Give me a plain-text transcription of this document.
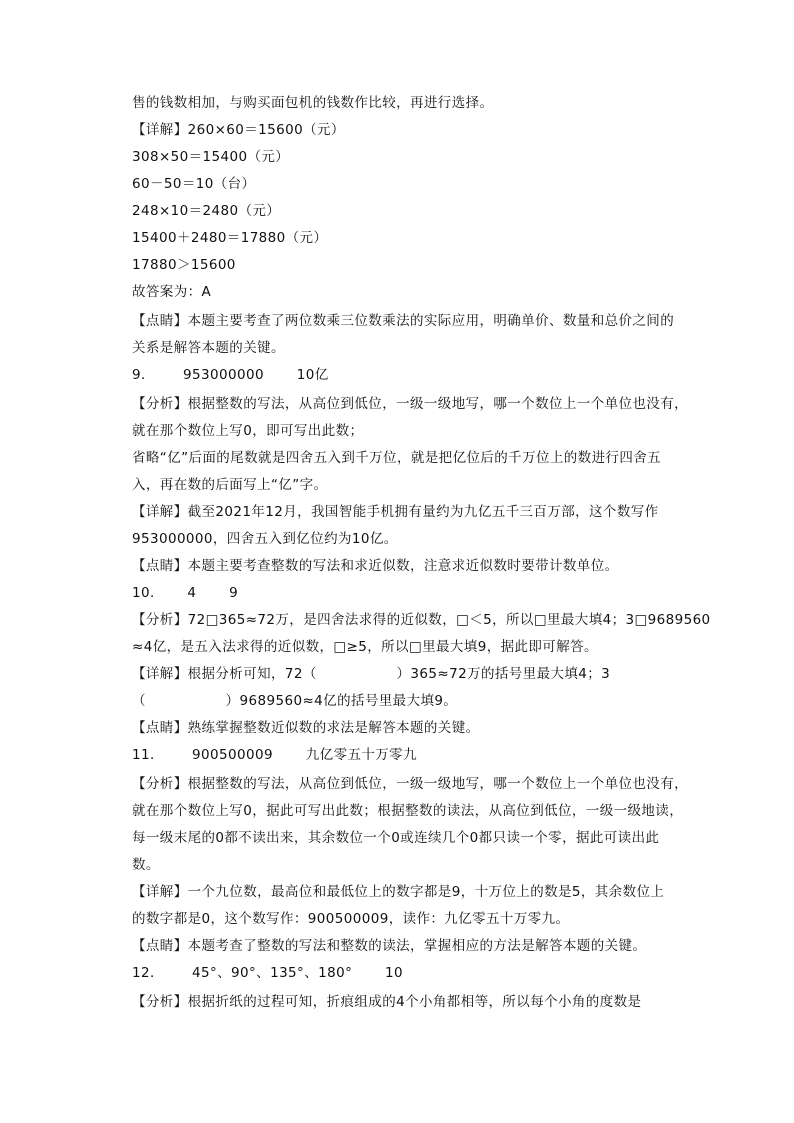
售的钱数相加，与购买面包机的钱数作比较，再进行选择。
【详解】260×60＝15600（元）
308×50＝15400（元）
60－50＝10（台）
248×10＝2480（元）
15400＋2480＝17880（元）
17880＞15600
故答案为：A
【点睛】本题主要考查了两位数乘三位数乘法的实际应用，明确单价、数量和总价之间的
关系是解答本题的关键。
9．      953000000       10亿
【分析】根据整数的写法，从高位到低位，一级一级地写，哪一个数位上一个单位也没有，
就在那个数位上写0，即可写出此数；
省略“亿”后面的尾数就是四舍五入到千万位，就是把亿位后的千万位上的数进行四舍五
入，再在数的后面写上“亿”字。
【详解】截至2021年12月，我国智能手机拥有量约为九亿五千三百万部，这个数写作
953000000，四舍五入到亿位约为10亿。
【点睛】本题主要考查整数的写法和求近似数，注意求近似数时要带计数单位。
10．     4       9
【分析】72□365≈72万，是四舍法求得的近似数，□＜5，所以□里最大填4；3□9689560
≈4亿，是五入法求得的近似数，□≥5，所以□里最大填9，据此即可解答。
【详解】根据分析可知，72（                 ）365≈72万的括号里最大填4；3
（                 ）9689560≈4亿的括号里最大填9。
【点睛】熟练掌握整数近似数的求法是解答本题的关键。
11．      900500009       九亿零五十万零九
【分析】根据整数的写法，从高位到低位，一级一级地写，哪一个数位上一个单位也没有，
就在那个数位上写0，据此可写出此数；根据整数的读法，从高位到低位，一级一级地读，
每一级末尾的0都不读出来，其余数位一个0或连续几个0都只读一个零，据此可读出此
数。
【详解】一个九位数，最高位和最低位上的数字都是9，十万位上的数是5，其余数位上
的数字都是0，这个数写作：900500009，读作：九亿零五十万零九。
【点睛】本题考查了整数的写法和整数的读法，掌握相应的方法是解答本题的关键。
12．      45°、90°、135°、180°       10
【分析】根据折纸的过程可知，折痕组成的4个小角都相等，所以每个小角的度数是
